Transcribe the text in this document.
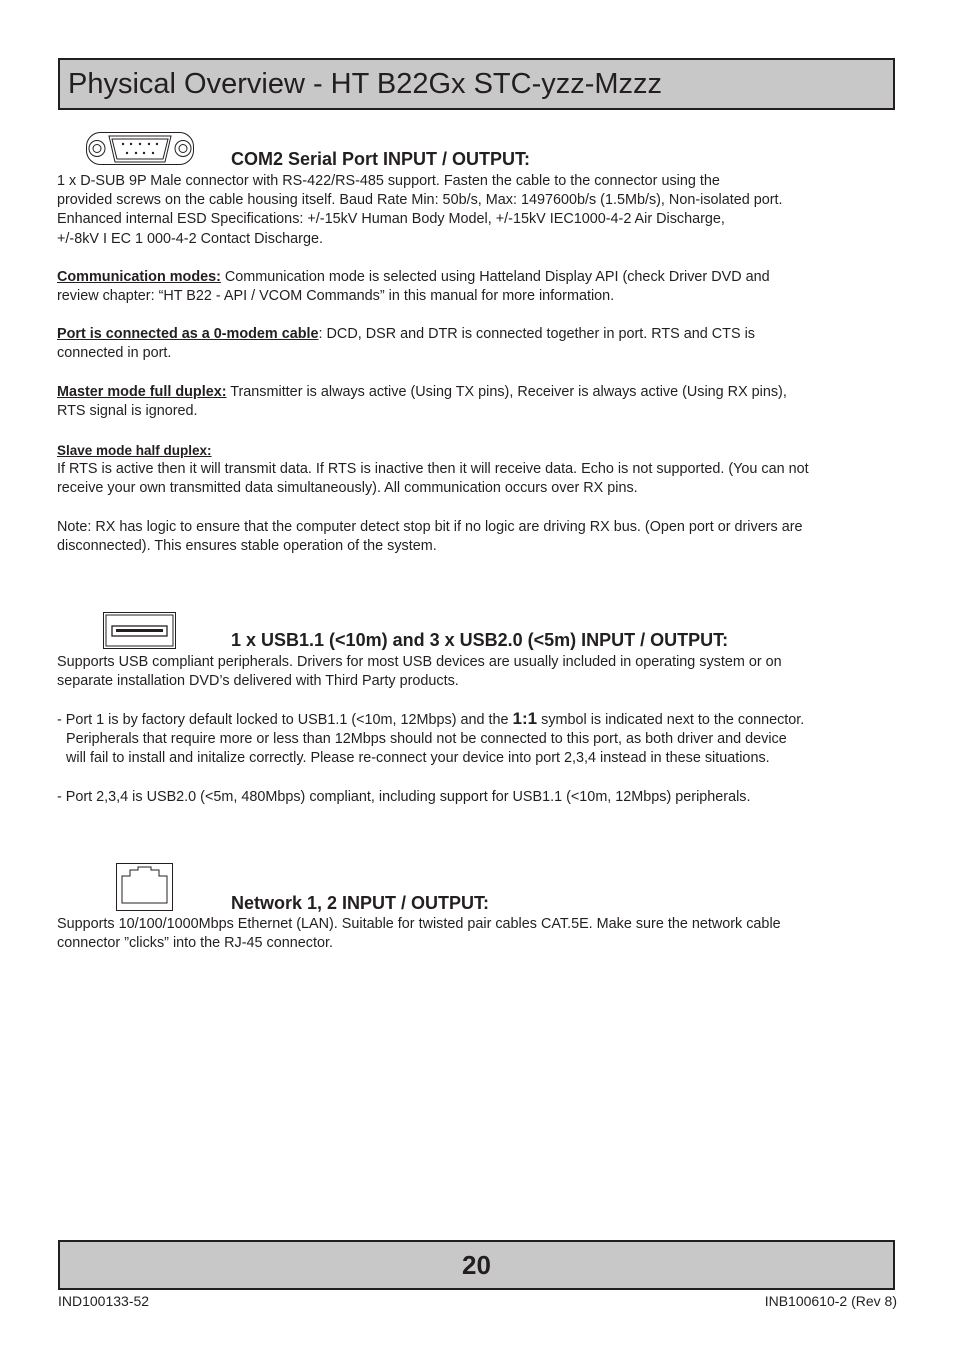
Physical Overview - HT B22Gx STC-yzz-Mzzz
COM2 Serial Port INPUT / OUTPUT:
1 x D-SUB 9P Male connector with RS-422/RS-485 support. Fasten the cable to the connector using the
provided screws on the cable housing itself. Baud Rate Min: 50b/s, Max: 1497600b/s (1.5Mb/s), Non-isolated port.
Enhanced internal ESD Specifications: +/-15kV Human Body Model, +/-15kV IEC1000-4-2 Air Discharge,
+/-8kV I EC 1 000-4-2 Contact Discharge.
Communication modes: Communication mode is selected using Hatteland Display API (check Driver DVD and
review chapter: “HT B22 - API / VCOM Commands” in this manual for more information.
Port is connected as a 0-modem cable: DCD, DSR and DTR is connected together in port. RTS and CTS is
connected in port.
Master mode full duplex: Transmitter is always active (Using TX pins), Receiver is always active (Using RX pins),
RTS signal is ignored.
Slave mode half duplex:
If RTS is active then it will transmit data. If RTS is inactive then it will receive data. Echo is not supported. (You can not
receive your own transmitted data simultaneously). All communication occurs over RX pins.
Note: RX has logic to ensure that the computer detect stop bit if no logic are driving RX bus. (Open port or drivers are
disconnected). This ensures stable operation of the system.
1 x USB1.1 (<10m) and 3 x USB2.0 (<5m) INPUT / OUTPUT:
Supports USB compliant peripherals. Drivers for most USB devices are usually included in operating system or on
separate installation DVD’s delivered with Third Party products.
- Port 1 is by factory default locked to USB1.1 (<10m, 12Mbps) and the 1:1 symbol is indicated next to the connector.
Peripherals that require more or less than 12Mbps should not be connected to this port, as both driver and device
will fail to install and initalize correctly. Please re-connect your device into port 2,3,4 instead in these situations.
- Port 2,3,4 is USB2.0 (<5m, 480Mbps) compliant, including support for USB1.1 (<10m, 12Mbps) peripherals.
Network 1, 2 INPUT / OUTPUT:
Supports 10/100/1000Mbps Ethernet (LAN). Suitable for twisted pair cables CAT.5E. Make sure the network cable
connector ”clicks” into the RJ-45 connector.
20
IND100133-52	INB100610-2 (Rev 8)
